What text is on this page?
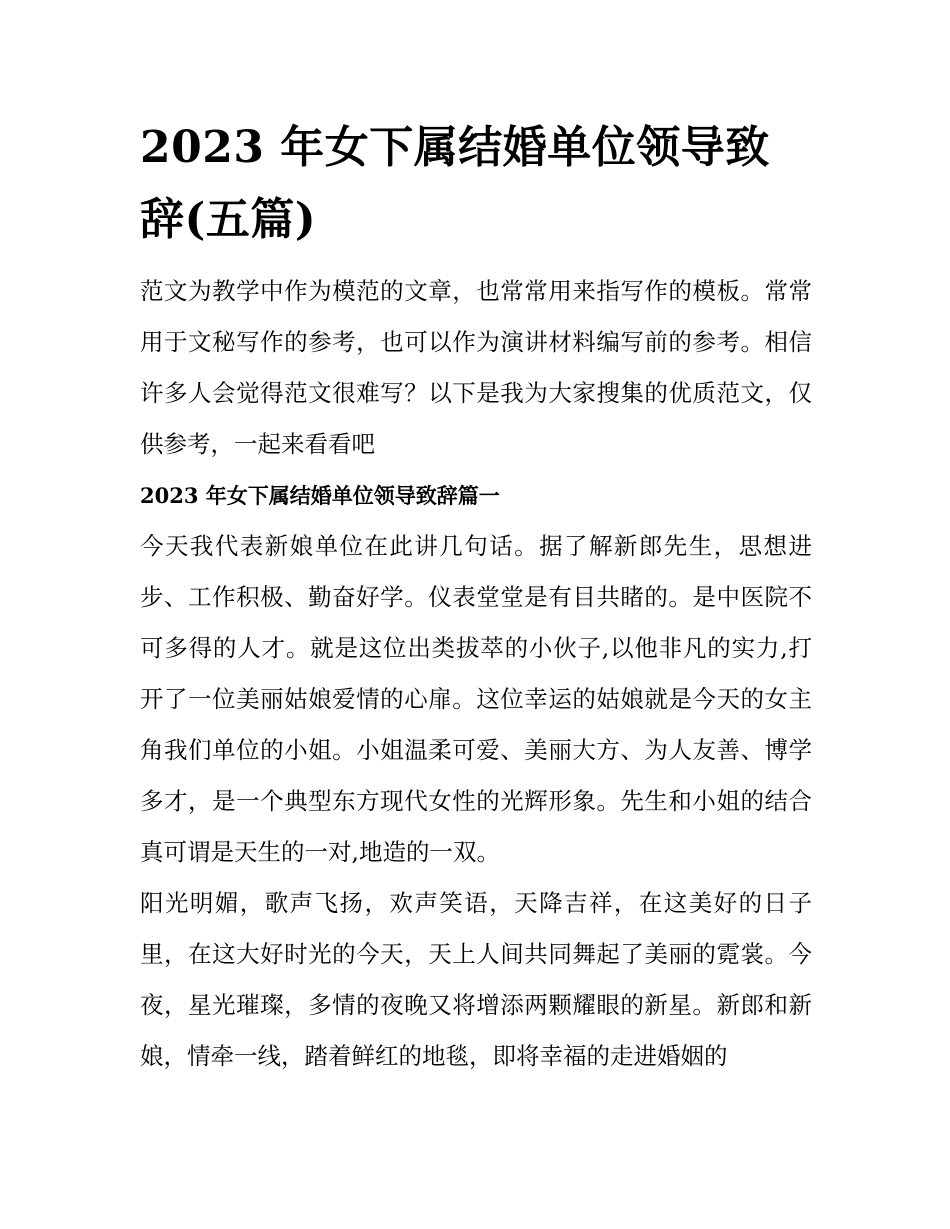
2023 年女下属结婚单位领导致辞(五篇)

范文为教学中作为模范的文章，也常常用来指写作的模板。常常用于文秘写作的参考，也可以作为演讲材料编写前的参考。相信许多人会觉得范文很难写？以下是我为大家搜集的优质范文，仅供参考，一起来看看吧

2023 年女下属结婚单位领导致辞篇一

今天我代表新娘单位在此讲几句话。据了解新郎先生，思想进步、工作积极、勤奋好学。仪表堂堂是有目共睹的。是中医院不可多得的人才。就是这位出类拔萃的小伙子,以他非凡的实力,打开了一位美丽姑娘爱情的心扉。这位幸运的姑娘就是今天的女主角我们单位的小姐。小姐温柔可爱、美丽大方、为人友善、博学多才，是一个典型东方现代女性的光辉形象。先生和小姐的结合真可谓是天生的一对,地造的一双。

阳光明媚，歌声飞扬，欢声笑语，天降吉祥，在这美好的日子里，在这大好时光的今天，天上人间共同舞起了美丽的霓裳。今夜，星光璀璨，多情的夜晚又将增添两颗耀眼的新星。新郎和新娘，情牵一线，踏着鲜红的地毯，即将幸福的走进婚姻的
